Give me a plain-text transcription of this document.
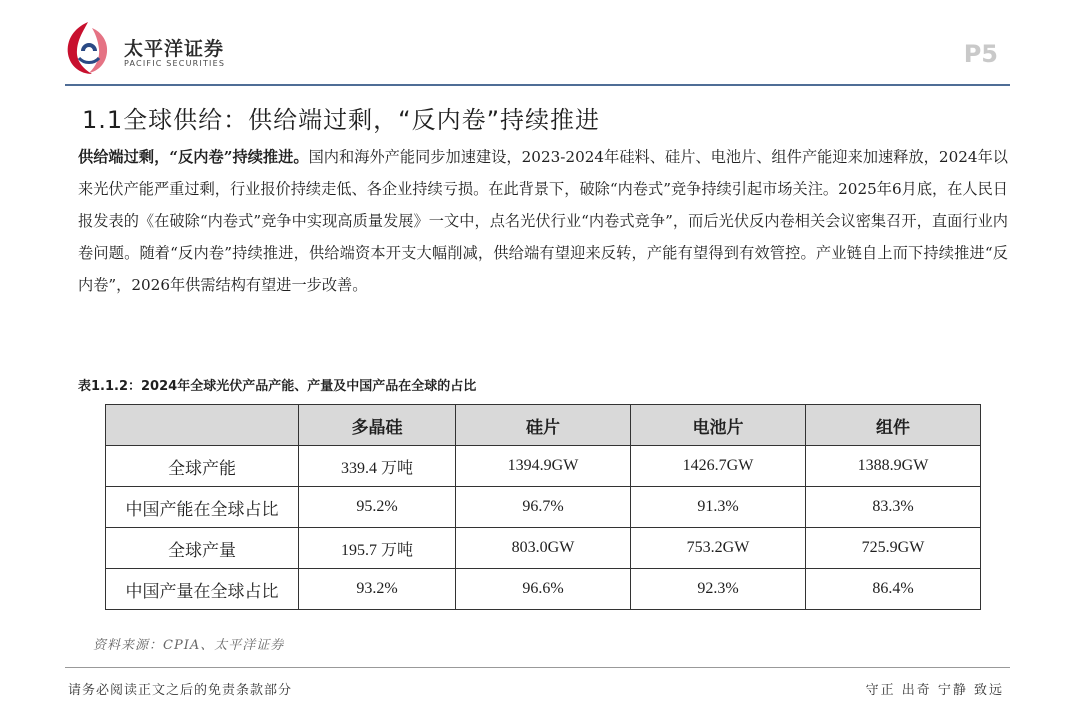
太平洋证券
PACIFIC SECURITIES	P5
1.1全球供给：供给端过剩，“反内卷”持续推进
供给端过剩，“反内卷”持续推进。国内和海外产能同步加速建设，2023-2024年硅料、硅片、电池片、组件产能迎来加速释放，2024年以来光伏产能严重过剩，行业报价持续走低、各企业持续亏损。在此背景下，破除“内卷式”竞争持续引起市场关注。2025年6月底，在人民日报发表的《在破除“内卷式”竞争中实现高质量发展》一文中，点名光伏行业“内卷式竞争”，而后光伏反内卷相关会议密集召开，直面行业内卷问题。随着“反内卷”持续推进，供给端资本开支大幅削减，供给端有望迎来反转，产能有望得到有效管控。产业链自上而下持续推进“反内卷”，2026年供需结构有望进一步改善。
表1.1.2：2024年全球光伏产品产能、产量及中国产品在全球的占比
	多晶硅	硅片	电池片	组件
全球产能	339.4 万吨	1394.9GW	1426.7GW	1388.9GW
中国产能在全球占比	95.2%	96.7%	91.3%	83.3%
全球产量	195.7 万吨	803.0GW	753.2GW	725.9GW
中国产量在全球占比	93.2%	96.6%	92.3%	86.4%
资料来源：CPIA、太平洋证券
请务必阅读正文之后的免责条款部分	守正 出奇 宁静 致远
